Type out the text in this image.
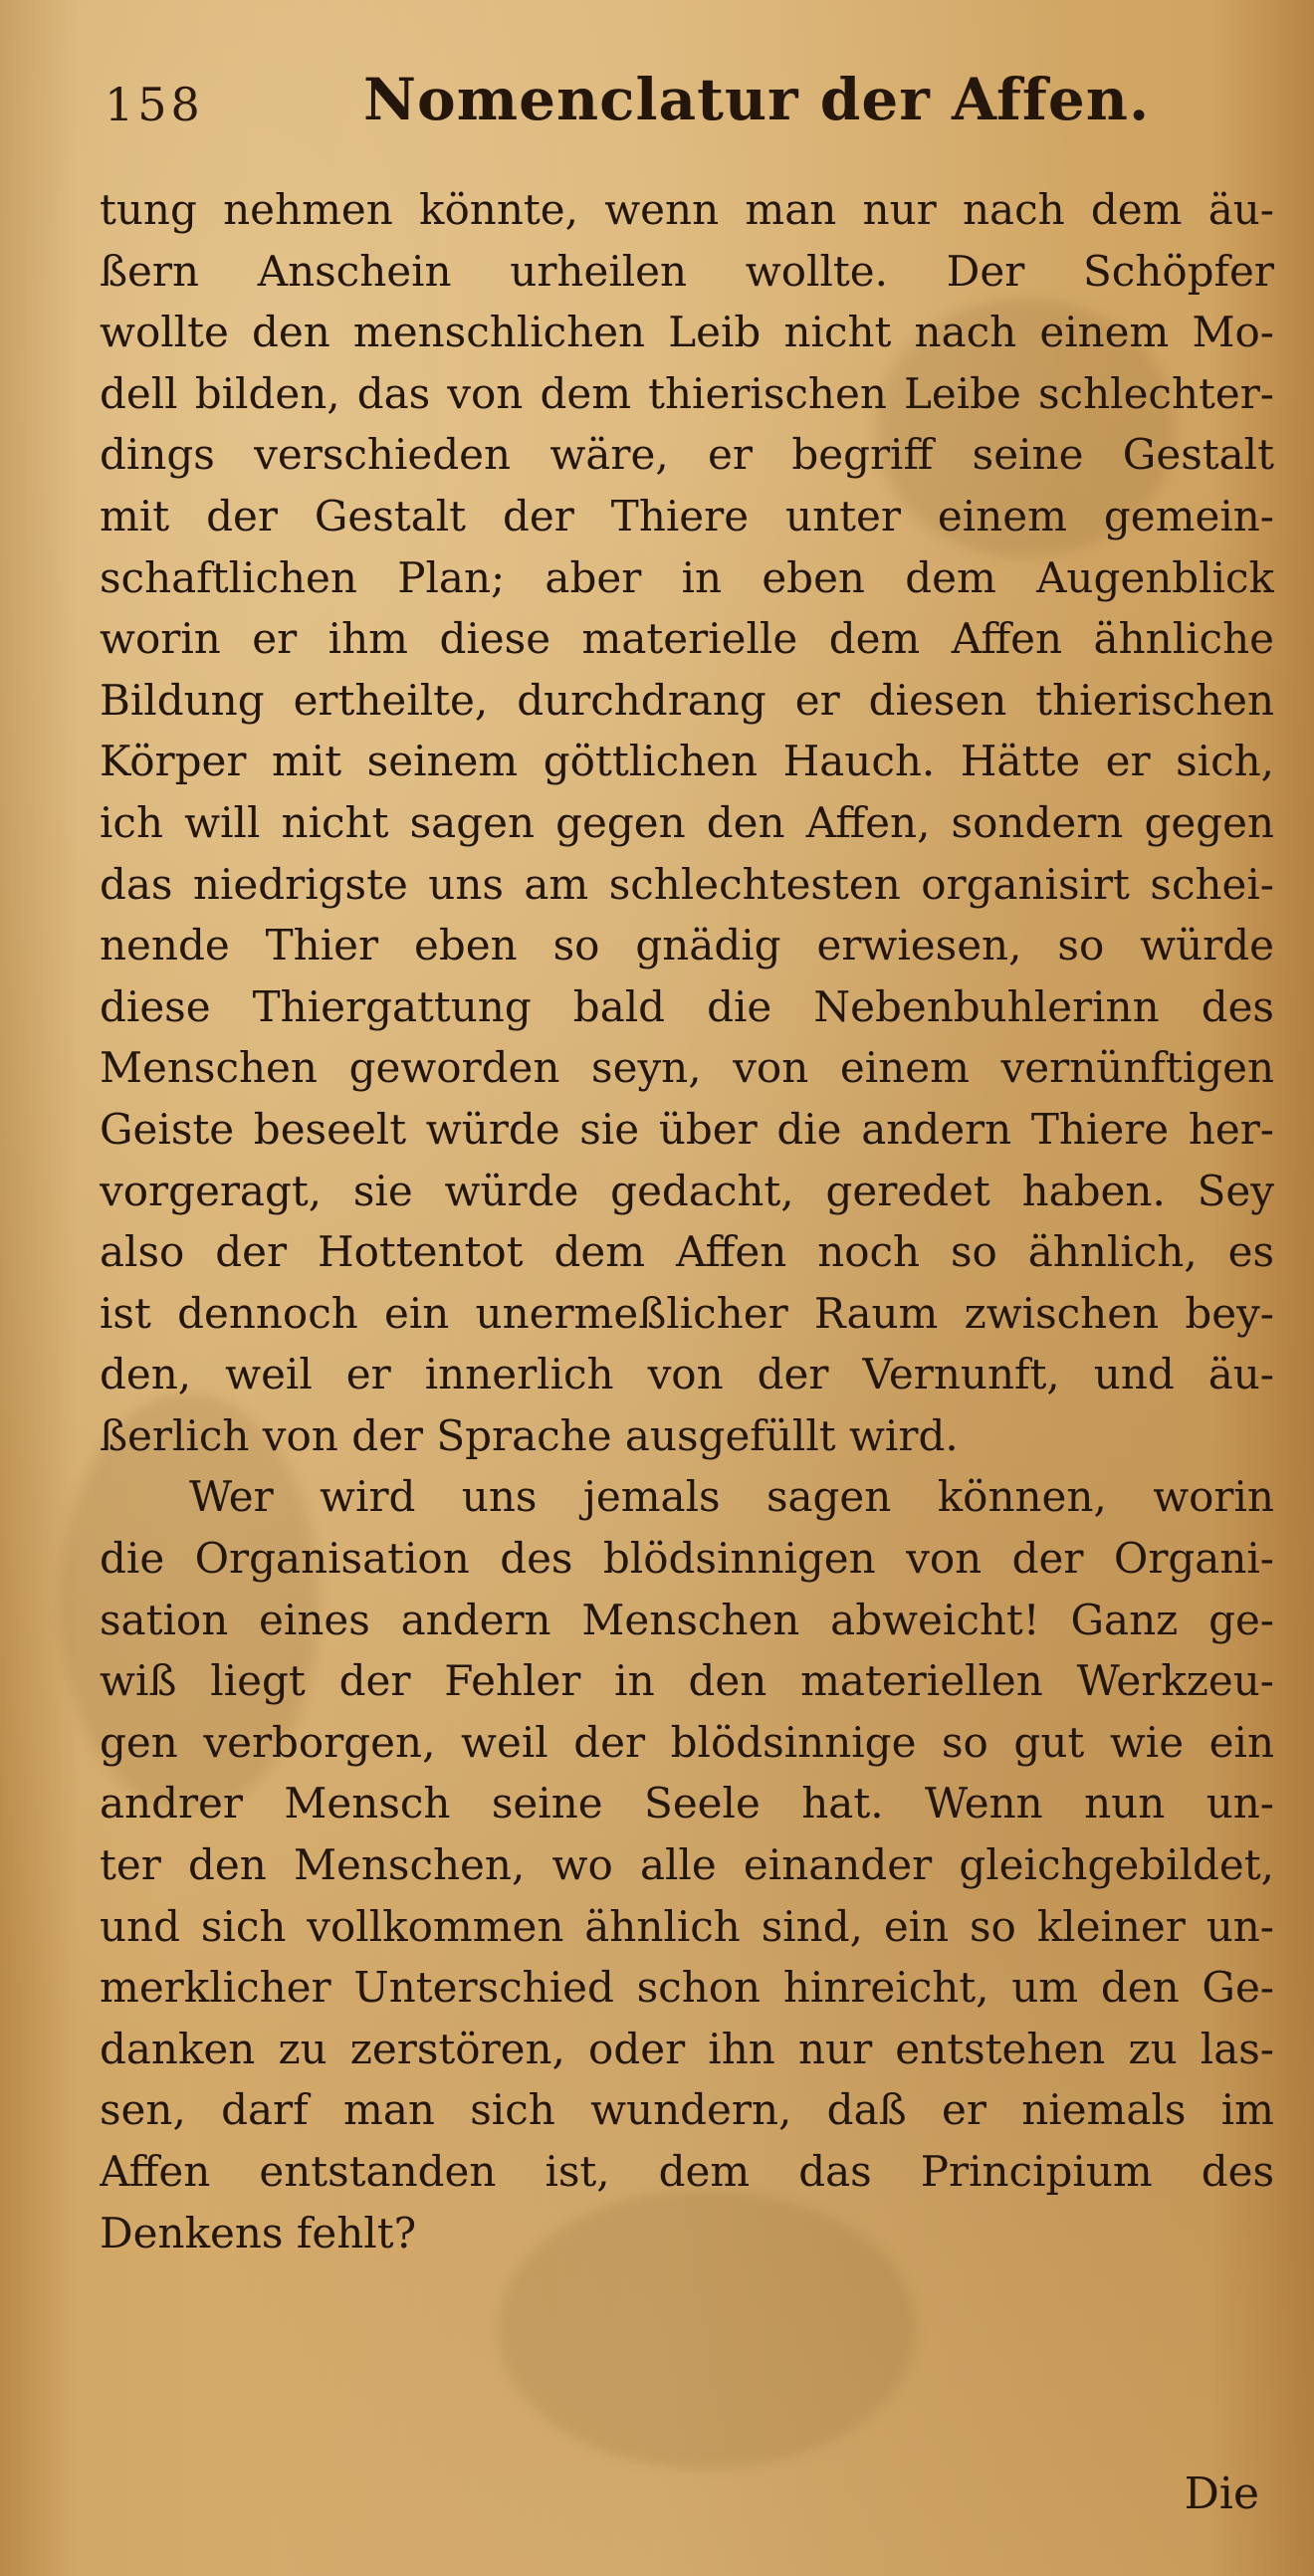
158	Nomenclatur der Affen.
tung nehmen könnte, wenn man nur nach dem äu-
ßern Anschein urheilen wollte. Der Schöpfer
wollte den menschlichen Leib nicht nach einem Mo-
dell bilden, das von dem thierischen Leibe schlechter-
dings verschieden wäre, er begriff seine Gestalt
mit der Gestalt der Thiere unter einem gemein-
schaftlichen Plan; aber in eben dem Augenblick
worin er ihm diese materielle dem Affen ähnliche
Bildung ertheilte, durchdrang er diesen thierischen
Körper mit seinem göttlichen Hauch. Hätte er sich,
ich will nicht sagen gegen den Affen, sondern gegen
das niedrigste uns am schlechtesten organisirt schei-
nende Thier eben so gnädig erwiesen, so würde
diese Thiergattung bald die Nebenbuhlerinn des
Menschen geworden seyn, von einem vernünftigen
Geiste beseelt würde sie über die andern Thiere her-
vorgeragt, sie würde gedacht, geredet haben. Sey
also der Hottentot dem Affen noch so ähnlich, es
ist dennoch ein unermeßlicher Raum zwischen bey-
den, weil er innerlich von der Vernunft, und äu-
ßerlich von der Sprache ausgefüllt wird.
Wer wird uns jemals sagen können, worin
die Organisation des blödsinnigen von der Organi-
sation eines andern Menschen abweicht! Ganz ge-
wiß liegt der Fehler in den materiellen Werkzeu-
gen verborgen, weil der blödsinnige so gut wie ein
andrer Mensch seine Seele hat. Wenn nun un-
ter den Menschen, wo alle einander gleichgebildet,
und sich vollkommen ähnlich sind, ein so kleiner un-
merklicher Unterschied schon hinreicht, um den Ge-
danken zu zerstören, oder ihn nur entstehen zu las-
sen, darf man sich wundern, daß er niemals im
Affen entstanden ist, dem das Principium des
Denkens fehlt?
Die
